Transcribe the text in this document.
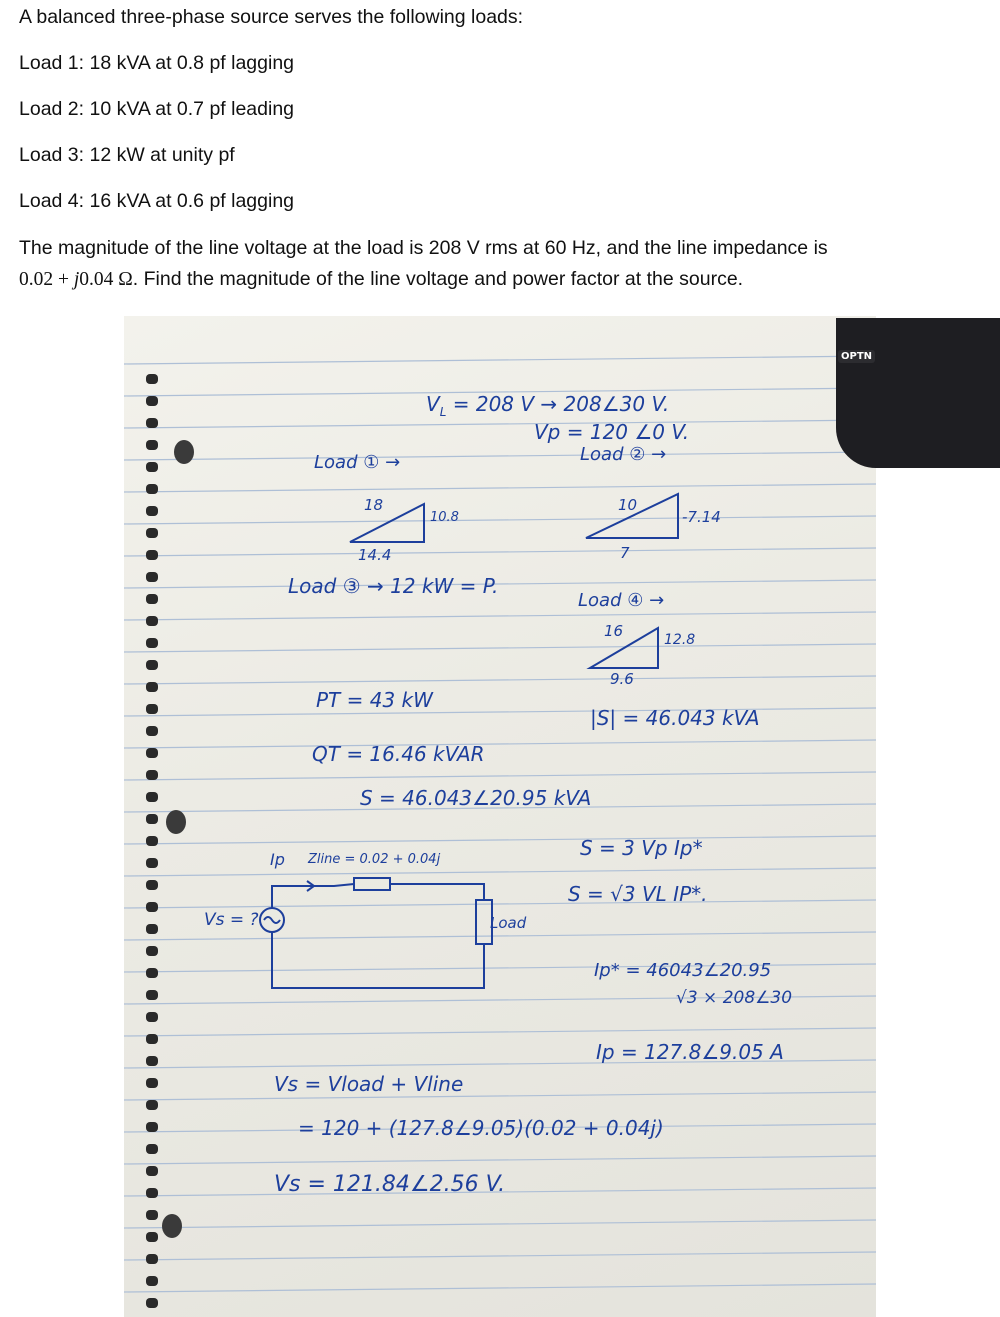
A balanced three-phase source serves the following loads:
Load 1: 18 kVA at 0.8 pf lagging
Load 2: 10 kVA at 0.7 pf leading
Load 3: 12 kW at unity pf
Load 4: 16 kVA at 0.6 pf lagging
The magnitude of the line voltage at the load is 208 V rms at 60 Hz, and the line impedance is
0.02 + j0.04 Ω. Find the magnitude of the line voltage and power factor at the source.
$V_L = 208$ V → 208∠30 V.
Vp = 120 ∠0 V.
Load ① →	Load ② →
18
14.4
10.8
10
7
-7.14
Load ③ → 12 kW = P.
Load ④ →
16
9.6
12.8
PT = 43 kW
|S| = 46.043 kVA
QT = 16.46 kVAR
S = 46.043∠20.95 kVA
S = 3 Vp Ip*
Ip Zline = 0.02 + 0.04j
S = √3 VL IP*.
Vs = ?	Load
Ip* = 46043∠20.95
√3 × 208∠30
Ip = 127.8∠9.05 A
Vs = Vload + Vline
= 120 + (127.8∠9.05)(0.02 + 0.04j)
Vs = 121.84∠2.56 V.
OPTN
